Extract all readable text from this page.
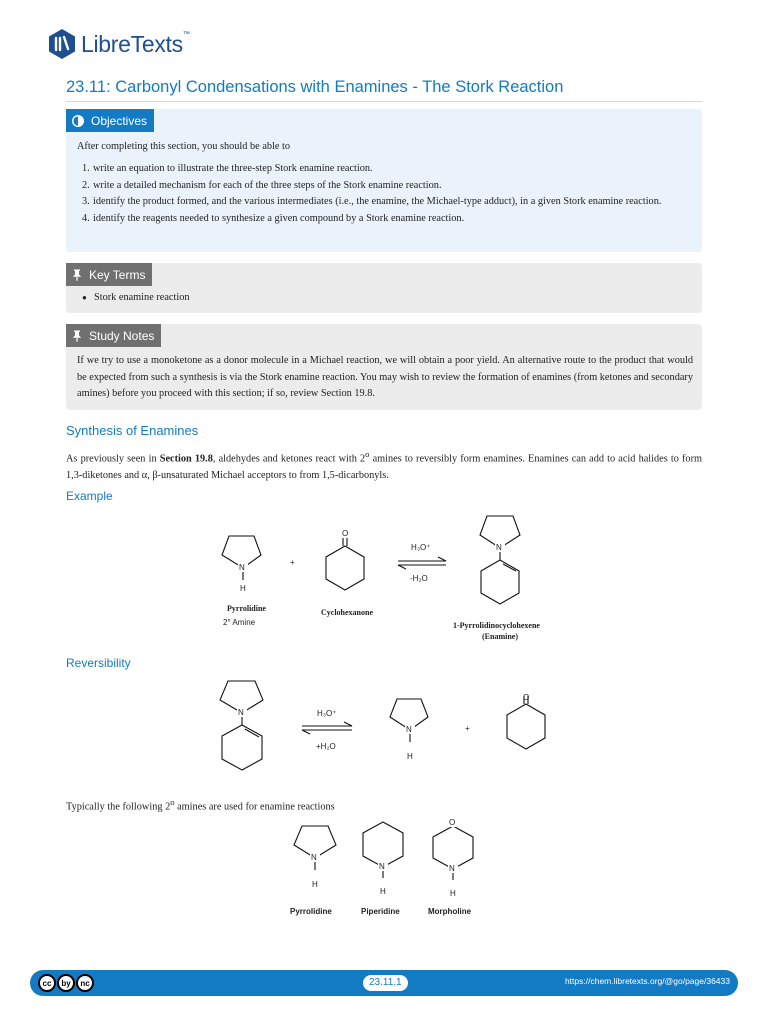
LibreTexts™
23.11: Carbonyl Condensations with Enamines - The Stork Reaction
Objectives
After completing this section, you should be able to
1. write an equation to illustrate the three-step Stork enamine reaction.
2. write a detailed mechanism for each of the three steps of the Stork enamine reaction.
3. identify the product formed, and the various intermediates (i.e., the enamine, the Michael-type adduct), in a given Stork enamine reaction.
4. identify the reagents needed to synthesize a given compound by a Stork enamine reaction.
Key Terms
● Stork enamine reaction
Study Notes
If we try to use a monoketone as a donor molecule in a Michael reaction, we will obtain a poor yield. An alternative route to the product that would be expected from such a synthesis is via the Stork enamine reaction. You may wish to review the formation of enamines (from ketones and secondary amines) before you proceed with this section; if so, review Section 19.8.
Synthesis of Enamines
As previously seen in Section 19.8, aldehydes and ketones react with 2$^o$ amines to reversibly form enamines. Enamines can add to acid halides to form 1,3-diketones and α, β-unsaturated Michael acceptors to from 1,5-dicarbonyls.
Example
Reversibility
Typically the following 2$^o$ amines are used for enamine reactions
N
H
+
O
H₃O⁺
-H₂O
N
Pyrrolidine
2° Amine
Cyclohexanone
1-Pyrrolidinocyclohexene
(Enamine)
N	H₃O⁺
+H₂O
N
H
+
O
N
H
N
H
O
N
H
Pyrrolidine	Piperidine	Morpholine
cc	by	nc	23.11.1	https://chem.libretexts.org/@go/page/36433
